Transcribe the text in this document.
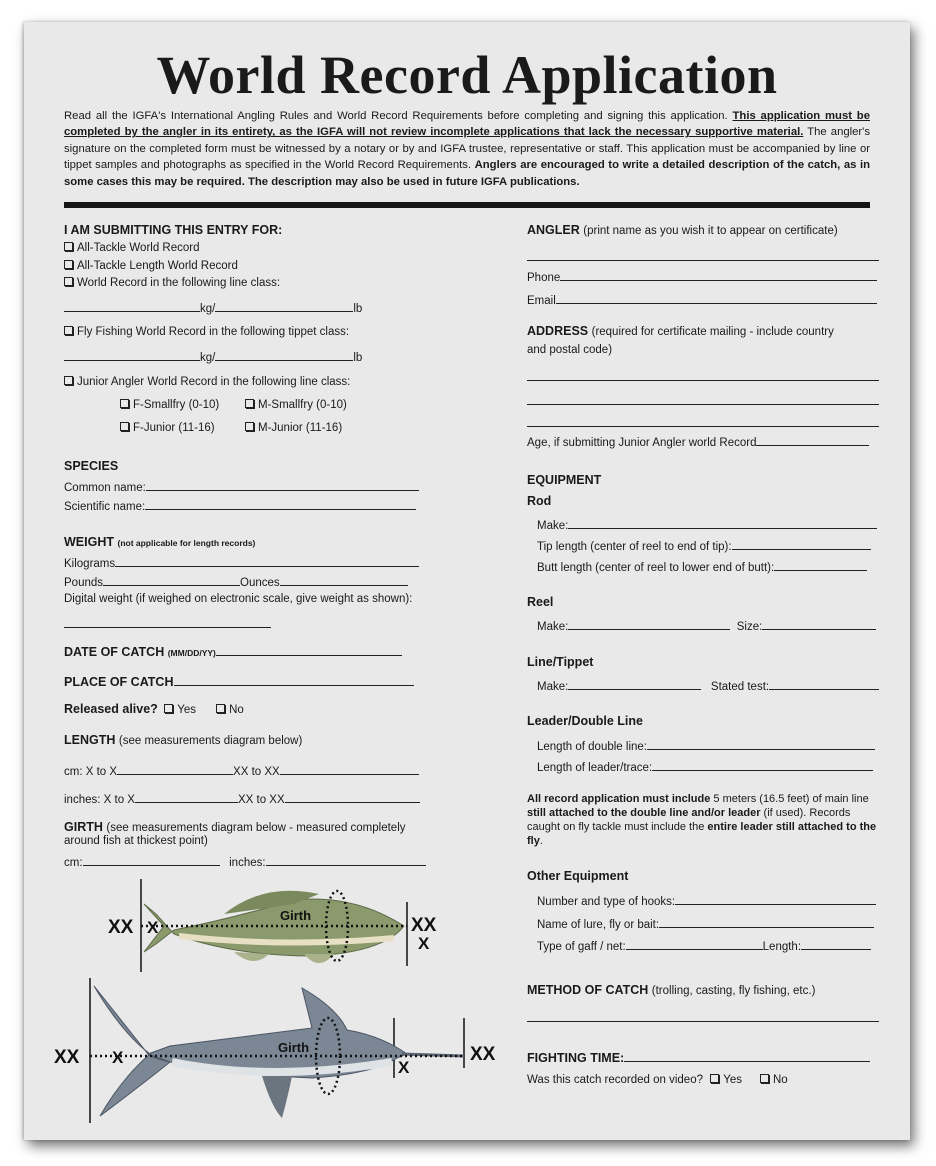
World Record Application
Read all the IGFA's International Angling Rules and World Record Requirements before completing and signing this application. This application must be completed by the angler in its entirety, as the IGFA will not review incomplete applications that lack the necessary supportive material. The angler's signature on the completed form must be witnessed by a notary or by and IGFA trustee, representative or staff. This application must be accompanied by line or tippet samples and photographs as specified in the World Record Requirements. Anglers are encouraged to write a detailed description of the catch, as in some cases this may be required. The description may also be used in future IGFA publications.
I AM SUBMITTING THIS ENTRY FOR:
All-Tackle World Record
All-Tackle Length World Record
World Record in the following line class:
kg/	lb
Fly Fishing World Record in the following tippet class:
kg/	lb
Junior Angler World Record in the following line class:
F-Smallfry (0-10)	M-Smallfry (0-10)
F-Junior (11-16)	M-Junior (11-16)
SPECIES
Common name:
Scientific name:
WEIGHT (not applicable for length records)
Kilograms
Pounds	Ounces
Digital weight (if weighed on electronic scale, give weight as shown):
DATE OF CATCH (MM/DD/YY)
PLACE OF CATCH
Released alive? Yes	No
LENGTH (see measurements diagram below)
cm: X to X	XX to XX
inches: X to X	XX to XX
GIRTH (see measurements diagram below - measured completely
around fish at thickest point)
cm:	inches:
Girth
XX X	XX
X
Girth
XX X
X
XX
ANGLER (print name as you wish it to appear on certificate)
Phone
Email
ADDRESS (required for certificate mailing - include country
and postal code)
Age, if submitting Junior Angler world Record
EQUIPMENT
Rod
Make:
Tip length (center of reel to end of tip):
Butt length (center of reel to lower end of butt):
Reel
Make:	Size:
Line/Tippet
Make:	Stated test:
Leader/Double Line
Length of double line:
Length of leader/trace:
All record application must include 5 meters (16.5 feet) of main line still attached to the double line and/or leader (if used). Records caught on fly tackle must include the entire leader still attached to the fly.
Other Equipment
Number and type of hooks:
Name of lure, fly or bait:
Type of gaff / net:	Length:
METHOD OF CATCH (trolling, casting, fly fishing, etc.)
FIGHTING TIME:
Was this catch recorded on video? Yes	No
